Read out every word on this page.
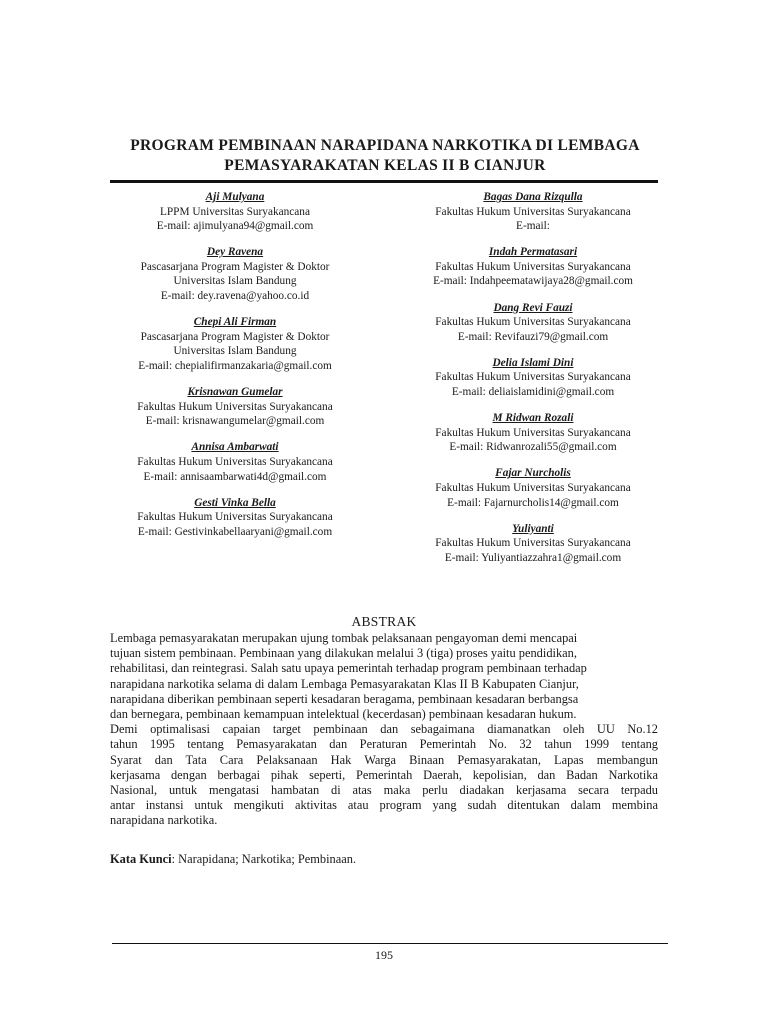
PROGRAM PEMBINAAN NARAPIDANA NARKOTIKA DI LEMBAGA
PEMASYARAKATAN KELAS II B CIANJUR
Aji Mulyana
LPPM Universitas Suryakancana
E-mail: ajimulyana94@gmail.com
Dey Ravena
Pascasarjana Program Magister & Doktor
Universitas Islam Bandung
E-mail: dey.ravena@yahoo.co.id
Chepi Ali Firman
Pascasarjana Program Magister & Doktor
Universitas Islam Bandung
E-mail: chepialifirmanzakaria@gmail.com
Krisnawan Gumelar
Fakultas Hukum Universitas Suryakancana
E-mail: krisnawangumelar@gmail.com
Annisa Ambarwati
Fakultas Hukum Universitas Suryakancana
E-mail: annisaambarwati4d@gmail.com
Gesti Vinka Bella
Fakultas Hukum Universitas Suryakancana
E-mail: Gestivinkabellaaryani@gmail.com
Bagas Dana Rizqulla
Fakultas Hukum Universitas Suryakancana
E-mail:
Indah Permatasari
Fakultas Hukum Universitas Suryakancana
E-mail: Indahpeematawijaya28@gmail.com
Dang Revi Fauzi
Fakultas Hukum Universitas Suryakancana
E-mail: Revifauzi79@gmail.com
Delia Islami Dini
Fakultas Hukum Universitas Suryakancana
E-mail: deliaislamidini@gmail.com
M Ridwan Rozali
Fakultas Hukum Universitas Suryakancana
E-mail: Ridwanrozali55@gmail.com
Fajar Nurcholis
Fakultas Hukum Universitas Suryakancana
E-mail: Fajarnurcholis14@gmail.com
Yuliyanti
Fakultas Hukum Universitas Suryakancana
E-mail: Yuliyantiazzahra1@gmail.com
ABSTRAK
Lembaga pemasyarakatan merupakan ujung tombak pelaksanaan pengayoman demi mencapai
tujuan sistem pembinaan. Pembinaan yang dilakukan melalui 3 (tiga) proses yaitu pendidikan,
rehabilitasi, dan reintegrasi. Salah satu upaya pemerintah terhadap program pembinaan terhadap
narapidana narkotika selama di dalam Lembaga Pemasyarakatan Klas II B Kabupaten Cianjur,
narapidana diberikan pembinaan seperti kesadaran beragama, pembinaan kesadaran berbangsa
dan bernegara, pembinaan kemampuan intelektual (kecerdasan) pembinaan kesadaran hukum.
Demi optimalisasi capaian target pembinaan dan sebagaimana diamanatkan oleh UU No.12
tahun 1995 tentang Pemasyarakatan dan Peraturan Pemerintah No. 32 tahun 1999 tentang
Syarat dan Tata Cara Pelaksanaan Hak Warga Binaan Pemasyarakatan, Lapas membangun
kerjasama dengan berbagai pihak seperti, Pemerintah Daerah, kepolisian, dan Badan Narkotika
Nasional, untuk mengatasi hambatan di atas maka perlu diadakan kerjasama secara terpadu
antar instansi untuk mengikuti aktivitas atau program yang sudah ditentukan dalam membina
narapidana narkotika.
Kata Kunci: Narapidana; Narkotika; Pembinaan.
195
